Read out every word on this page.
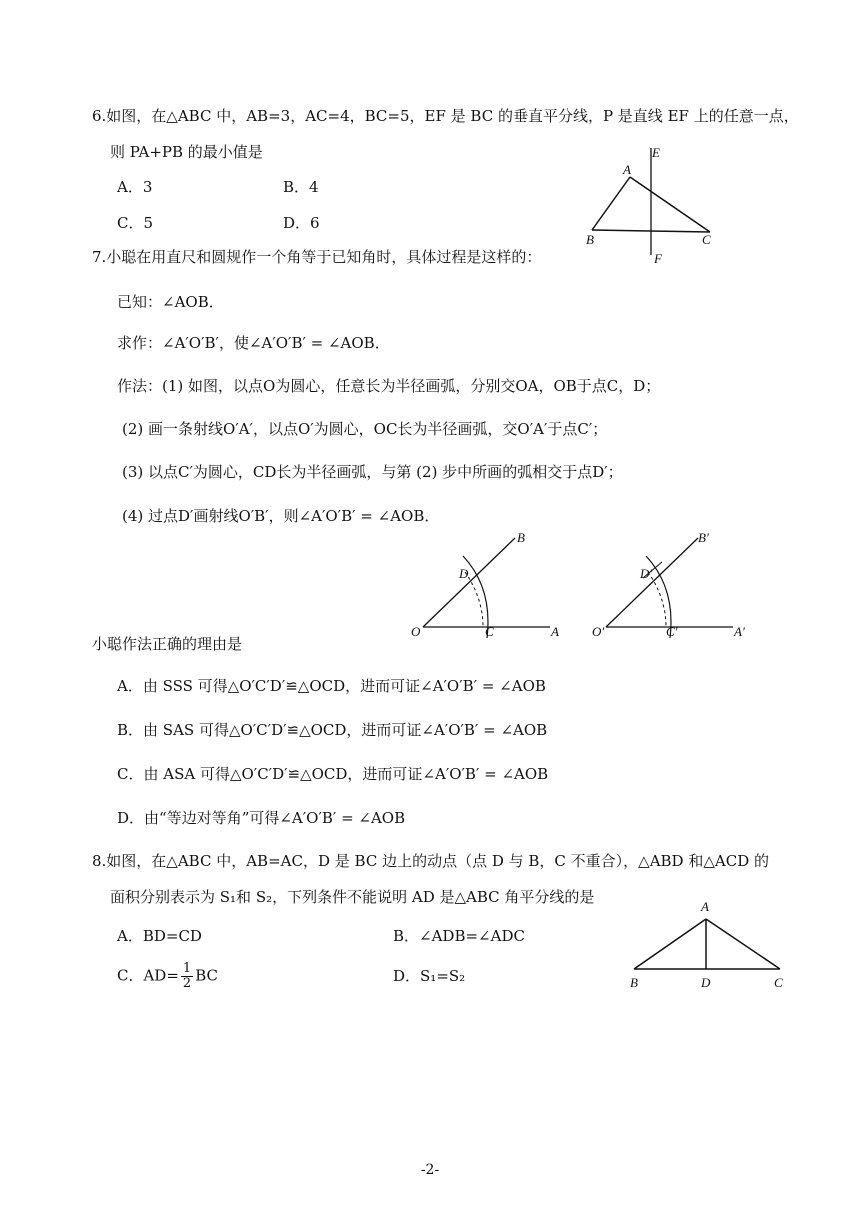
6.如图，在△ABC 中，AB=3，AC=4，BC=5，EF 是 BC 的垂直平分线，P 是直线 EF 上的任意一点，
则 PA+PB 的最小值是
A．3	B．4
C．5	D．6
A
B	C
E
F
7.小聪在用直尺和圆规作一个角等于已知角时，具体过程是这样的：
已知：∠AOB．
求作：∠A′O′B′，使∠A′O′B′ = ∠AOB．
作法：(1) 如图，以点O为圆心，任意长为半径画弧，分别交OA，OB于点C，D；
(2) 画一条射线O′A′，以点O′为圆心，OC长为半径画弧，交O′A′于点C′；
(3) 以点C′为圆心，CD长为半径画弧，与第 (2) 步中所画的弧相交于点D′；
(4) 过点D′画射线O′B′，则∠A′O′B′ = ∠AOB．
O	C	A
D
B
O′	C′	A′
D′
B′
小聪作法正确的理由是
A．由 SSS 可得△O′C′D′≌△OCD，进而可证∠A′O′B′ = ∠AOB
B．由 SAS 可得△O′C′D′≌△OCD，进而可证∠A′O′B′ = ∠AOB
C．由 ASA 可得△O′C′D′≌△OCD，进而可证∠A′O′B′ = ∠AOB
D．由“等边对等角”可得∠A′O′B′ = ∠AOB
8.如图，在△ABC 中，AB=AC，D 是 BC 边上的动点（点 D 与 B，C 不重合），△ABD 和△ACD 的
面积分别表示为 S₁和 S₂，下列条件不能说明 AD 是△ABC 角平分线的是
A．BD=CD	B．∠ADB=∠ADC
C．$AD= \frac{1}{2}$ BC	D．S₁=S₂
A
B	D	C
-2-
